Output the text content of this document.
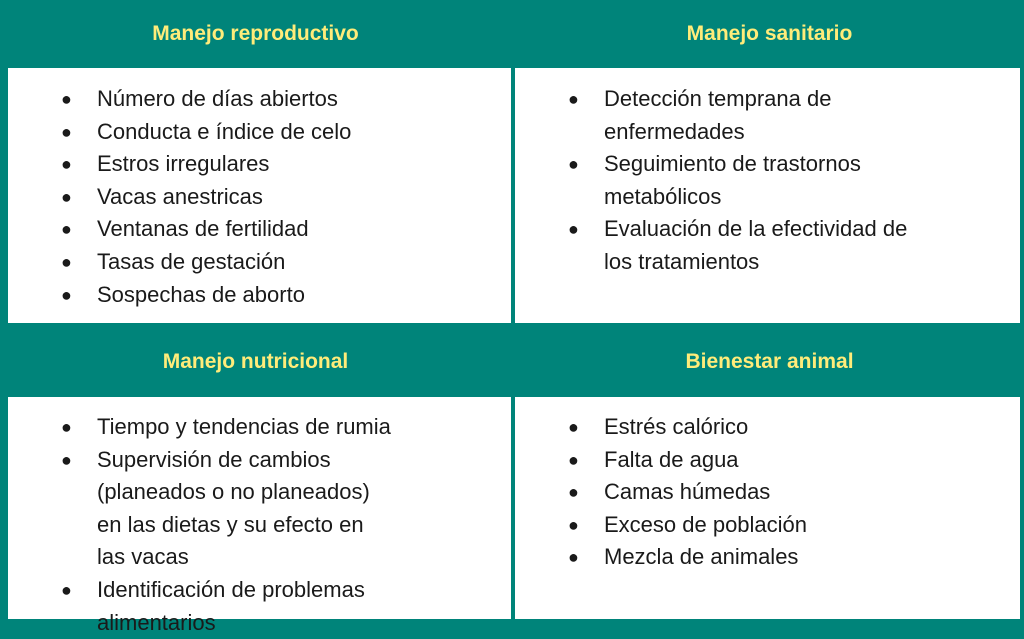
Manejo reproductivo	Manejo sanitario
● Número de días abiertos
● Conducta e índice de celo
● Estros irregulares
● Vacas anestricas
● Ventanas de fertilidad
● Tasas de gestación
● Sospechas de aborto
● Detección temprana de enfermedades
● Seguimiento de trastornos metabólicos
● Evaluación de la efectividad de los tratamientos
Manejo nutricional	Bienestar animal
● Tiempo y tendencias de rumia
● Supervisión de cambios (planeados o no planeados) en las dietas y su efecto en las vacas
● Identificación de problemas alimentarios
● Estrés calórico
● Falta de agua
● Camas húmedas
● Exceso de población
● Mezcla de animales
